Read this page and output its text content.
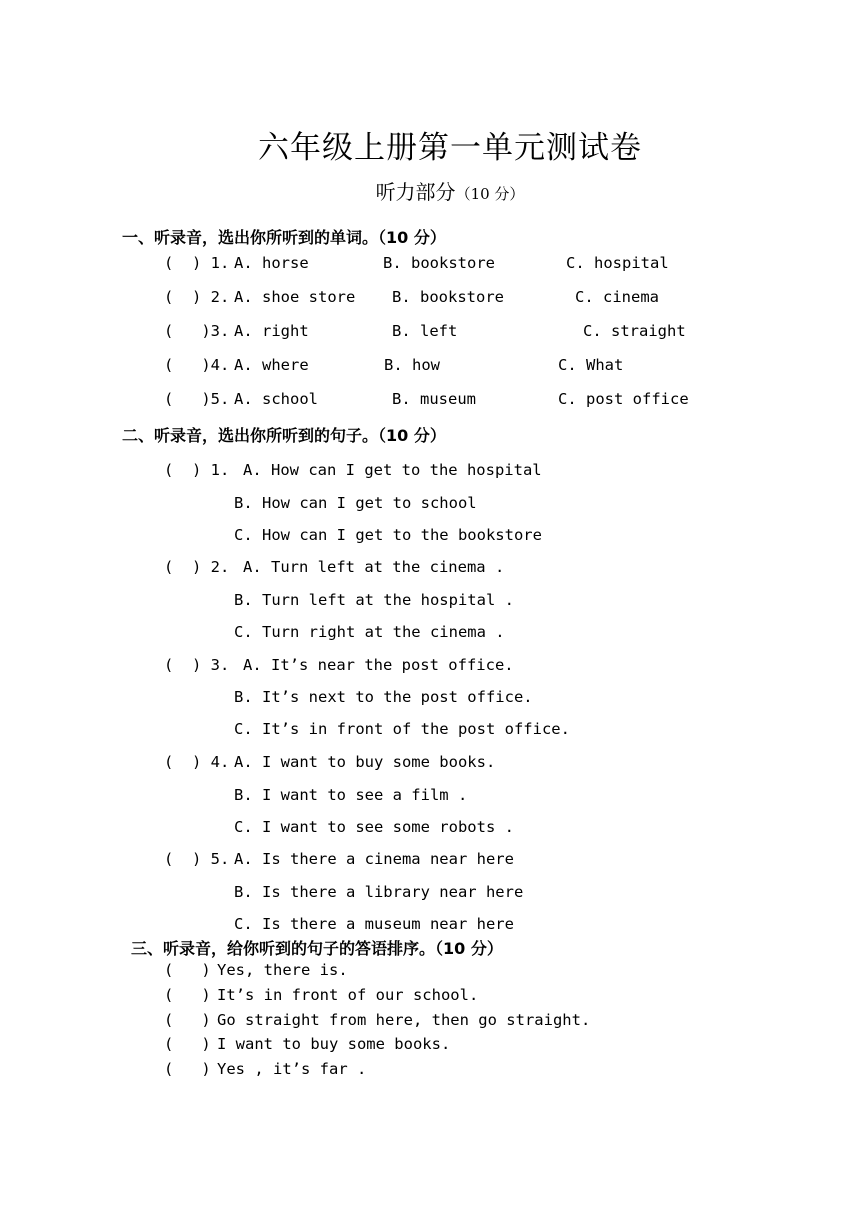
六年级上册第一单元测试卷
听力部分（10 分）
一、听录音，选出你所听到的单词。（10 分）
(  ) 1. A. horse	B. bookstore	C. hospital
(  ) 2. A. shoe store B. bookstore	C. cinema
(   )3. A. right	B. left	C. straight
(   )4. A. where	B. how	C. What
(   )5. A. school	B. museum	C. post office
二、听录音，选出你所听到的句子。（10 分）
(  ) 1. A. How can I get to the hospital
B. How can I get to school
C. How can I get to the bookstore
(  ) 2. A. Turn left at the cinema .
B. Turn left at the hospital .
C. Turn right at the cinema .
(  ) 3. A. It’s near the post office.
B. It’s next to the post office.
C. It’s in front of the post office.
(  ) 4. A. I want to buy some books.
B. I want to see a film .
C. I want to see some robots .
(  ) 5. A. Is there a cinema near here
B. Is there a library near here
C. Is there a museum near here
三、听录音，给你听到的句子的答语排序。（10 分）
(   ) Yes, there is.
(   ) It’s in front of our school.
(   ) Go straight from here, then go straight.
(   ) I want to buy some books.
(   ) Yes , it’s far .
